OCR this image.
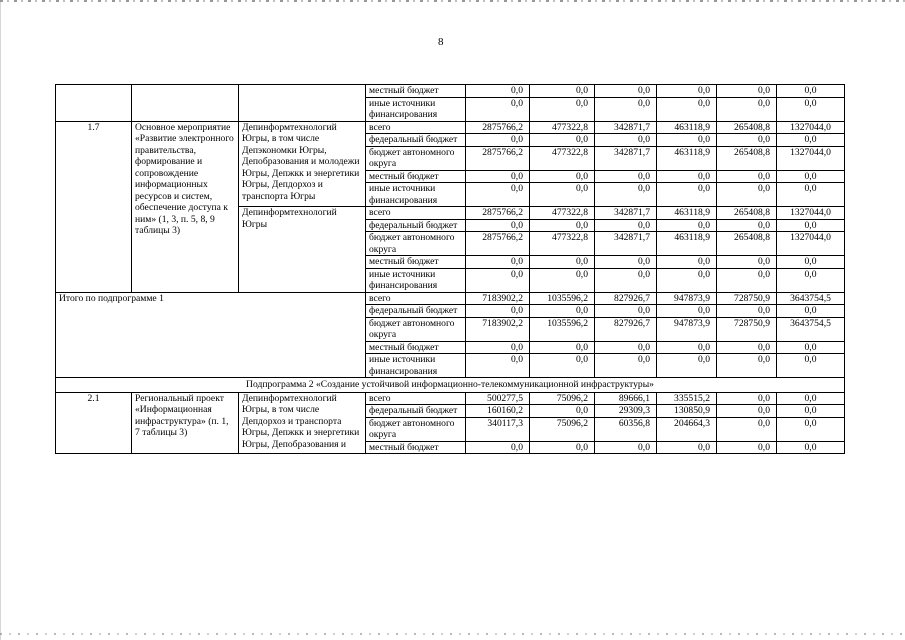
8
			местный бюджет	0,0	0,0	0,0	0,0	0,0	0,0
			иные источники финансирования	0,0	0,0	0,0	0,0	0,0	0,0
1.7	Основное мероприятие «Развитие электронного правительства, формирование и сопровождение информационных ресурсов и систем, обеспечение доступа к ним» (1, 3, п. 5, 8, 9 таблицы 3)	Депинформтехнологий Югры, в том числе Депэкономки Югры, Депобразования и молодежи Югры, Депжкк и энергетики Югры, Депдорхоз и транспорта Югры	всего	2875766,2	477322,8	342871,7	463118,9	265408,8	1327044,0
			федеральный бюджет	0,0	0,0	0,0	0,0	0,0	0,0
			бюджет автономного округа	2875766,2	477322,8	342871,7	463118,9	265408,8	1327044,0
			местный бюджет	0,0	0,0	0,0	0,0	0,0	0,0
			иные источники финансирования	0,0	0,0	0,0	0,0	0,0	0,0
		Депинформтехнологий Югры	всего	2875766,2	477322,8	342871,7	463118,9	265408,8	1327044,0
			федеральный бюджет	0,0	0,0	0,0	0,0	0,0	0,0
			бюджет автономного округа	2875766,2	477322,8	342871,7	463118,9	265408,8	1327044,0
			местный бюджет	0,0	0,0	0,0	0,0	0,0	0,0
			иные источники финансирования	0,0	0,0	0,0	0,0	0,0	0,0
Итого по подпрограмме 1			всего	7183902,2	1035596,2	827926,7	947873,9	728750,9	3643754,5
			федеральный бюджет	0,0	0,0	0,0	0,0	0,0	0,0
			бюджет автономного округа	7183902,2	1035596,2	827926,7	947873,9	728750,9	3643754,5
			местный бюджет	0,0	0,0	0,0	0,0	0,0	0,0
			иные источники финансирования	0,0	0,0	0,0	0,0	0,0	0,0
Подпрограмма 2 «Создание устойчивой информационно-телекоммуникационной инфраструктуры»									
2.1	Региональный проект «Информационная инфраструктура» (п. 1, 7 таблицы 3)	Депинформтехнологий Югры, в том числе Депдорхоз и транспорта Югры, Депжкк и энергетики Югры, Депобразования и	всего	500277,5	75096,2	89666,1	335515,2	0,0	0,0
			федеральный бюджет	160160,2	0,0	29309,3	130850,9	0,0	0,0
			бюджет автономного округа	340117,3	75096,2	60356,8	204664,3	0,0	0,0
			местный бюджет	0,0	0,0	0,0	0,0	0,0	0,0
